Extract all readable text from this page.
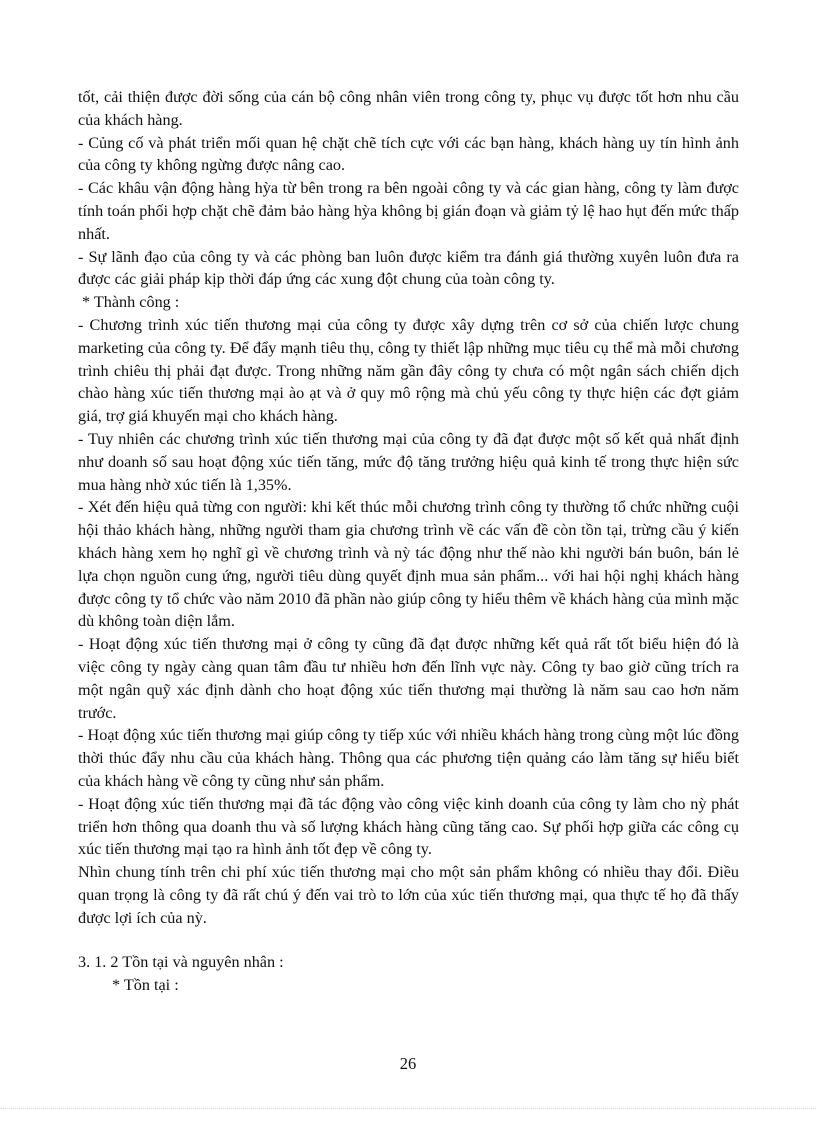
tốt, cải thiện được đời sống của cán bộ công nhân viên trong công ty, phục vụ được tốt hơn nhu cầu của khách hàng.

- Củng cố và phát triển mối quan hệ chặt chẽ tích cực với các bạn hàng, khách hàng uy tín hình ảnh của công ty không ngừng được nâng cao.

- Các khâu vận động hàng hỳa từ bên trong ra bên ngoài công ty và các gian hàng, công ty làm được tính toán phối hợp chặt chẽ đảm bảo hàng hỳa không bị gián đoạn và giảm tỷ lệ hao hụt đến mức thấp nhất.

- Sự lãnh đạo của công ty và các phòng ban luôn được kiểm tra đánh giá thường xuyên luôn đưa ra được các giải pháp kịp thời đáp ứng các xung đột chung của toàn công ty.

* Thành công :

- Chương trình xúc tiến thương mại của công ty được xây dựng trên cơ sở của chiến lược chung marketing của công ty. Để đẩy mạnh tiêu thụ, công ty thiết lập những mục tiêu cụ thể mà mỗi chương trình chiêu thị phải đạt được. Trong những năm gần đây công ty chưa có một ngân sách chiến dịch chào hàng xúc tiến thương mại ào ạt và ở quy mô rộng mà chủ yếu công ty thực hiện các đợt giảm giá, trợ giá khuyến mại cho khách hàng.

- Tuy nhiên các chương trình xúc tiến thương mại của công ty đã đạt được một số kết quả nhất định như doanh số sau hoạt động xúc tiến tăng, mức độ tăng trưởng hiệu quả kinh tế trong thực hiện sức mua hàng nhờ xúc tiến là 1,35%.

- Xét đến hiệu quả từng con người: khi kết thúc mỗi chương trình công ty thường tổ chức những cuội hội thảo khách hàng, những người tham gia chương trình về các vấn đề còn tồn tại, trừng cầu ý kiến khách hàng xem họ nghĩ gì về chương trình và nỳ tác động như thế nào khi người bán buôn, bán lẻ lựa chọn nguồn cung ứng, người tiêu dùng quyết định mua sản phẩm... với hai hội nghị khách hàng được công ty tổ chức vào năm 2010 đã phần nào giúp công ty hiểu thêm về khách hàng của mình mặc dù không toàn diện lắm.

- Hoạt động xúc tiến thương mại ở công ty cũng đã đạt được những kết quả rất tốt biểu hiện đó là việc công ty ngày càng quan tâm đầu tư nhiều hơn đến lĩnh vực này. Công ty bao giờ cũng trích ra một ngân quỹ xác định dành cho hoạt động xúc tiến thương mại thường là năm sau cao hơn năm trước.

- Hoạt động xúc tiến thương mại giúp công ty tiếp xúc với nhiều khách hàng trong cùng một lúc đồng thời thúc đẩy nhu cầu của khách hàng. Thông qua các phương tiện quảng cáo làm tăng sự hiểu biết của khách hàng về công ty cũng như sản phẩm.

- Hoạt động xúc tiến thương mại đã tác động vào công việc kinh doanh của công ty làm cho nỳ phát triển hơn thông qua doanh thu và số lượng khách hàng cũng tăng cao. Sự phối hợp giữa các công cụ xúc tiến thương mại tạo ra hình ảnh tốt đẹp về công ty.

Nhìn chung tính trên chi phí xúc tiến thương mại cho một sản phẩm không có nhiều thay đổi. Điều quan trọng là công ty đã rất chú ý đến vai trò to lớn của xúc tiến thương mại, qua thực tế họ đã thấy được lợi ích của nỳ.

3. 1. 2 Tồn tại và nguyên nhân :

* Tồn tại :

26
